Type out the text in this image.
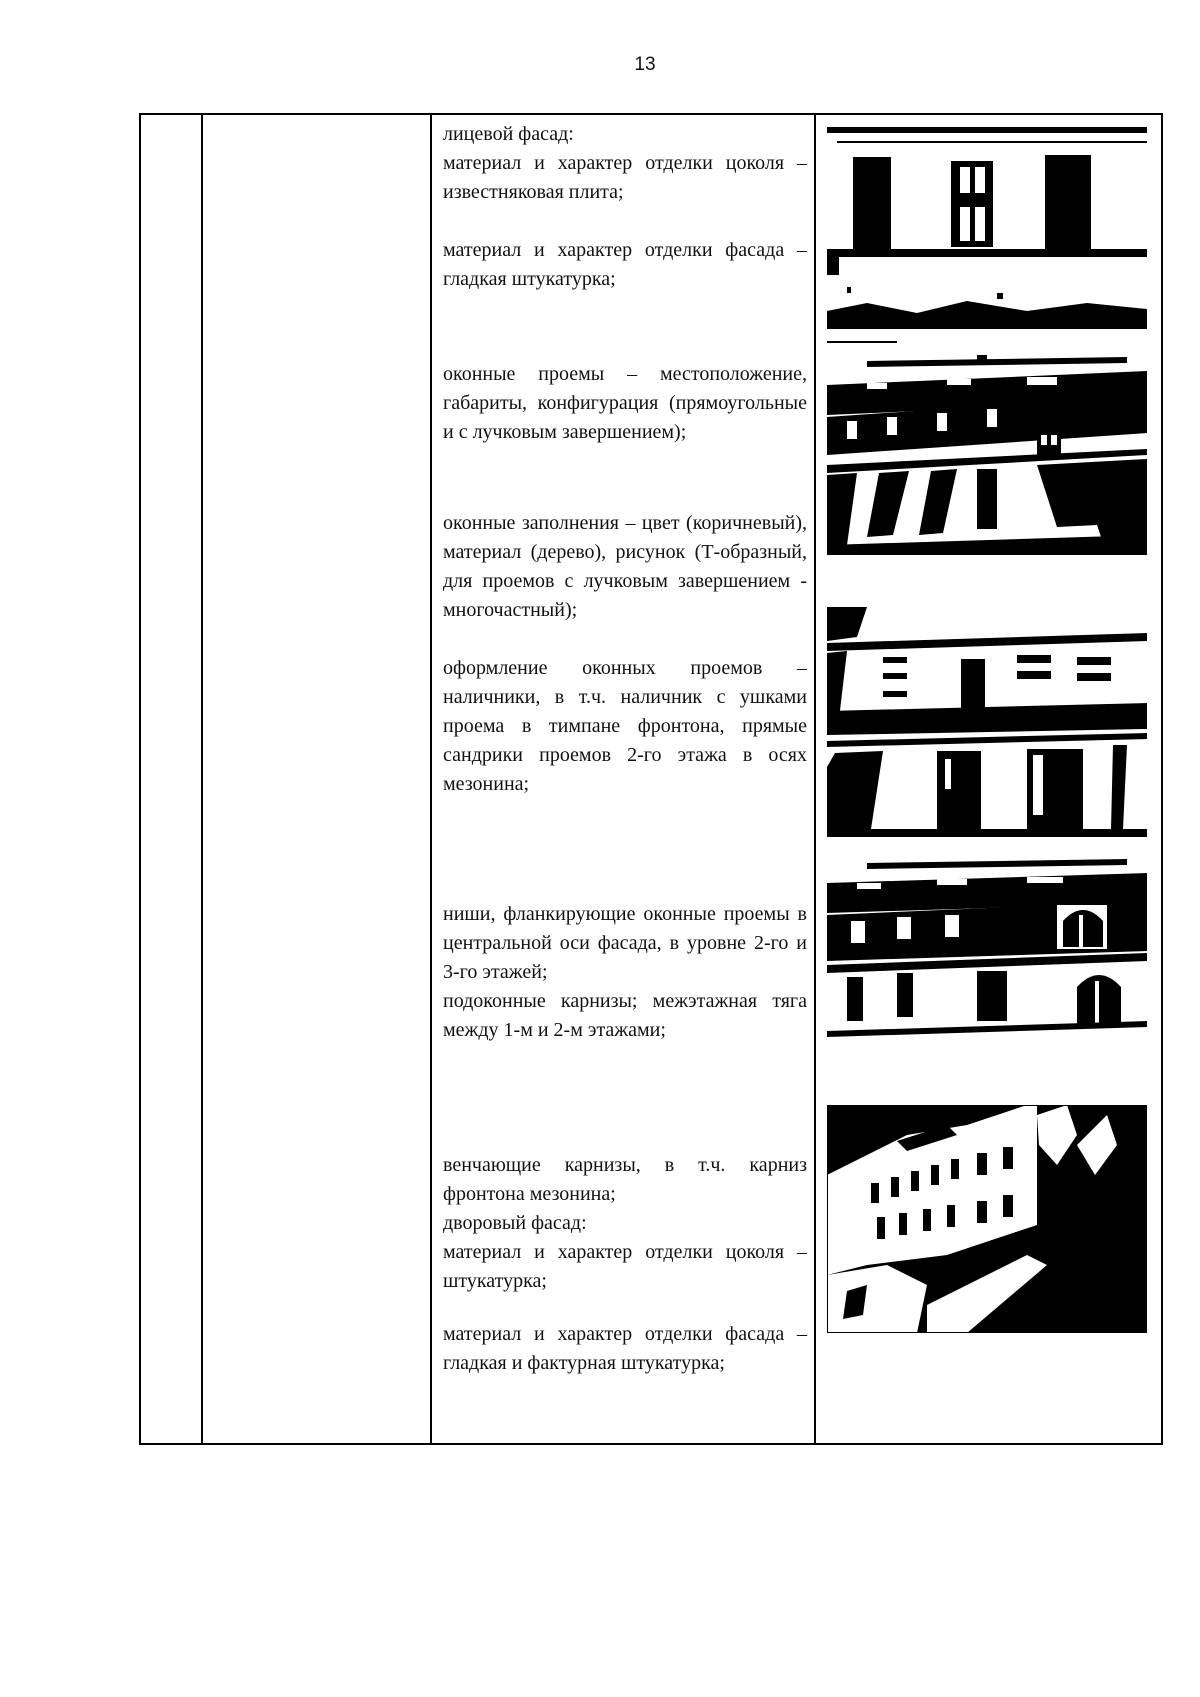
13
лицевой фасад:
материал и характер отделки цоколя – известняковая плита;
материал и характер отделки фасада – гладкая штукатурка;
оконные проемы – местоположение, габариты, конфигурация (прямоугольные и с лучковым завершением);
оконные заполнения – цвет (коричневый), материал (дерево), рисунок (Т-образный, для проемов с лучковым завершением - многочастный);
оформление оконных проемов – наличники, в т.ч. наличник с ушками проема в тимпане фронтона, прямые сандрики проемов 2-го этажа в осях мезонина;
ниши, фланкирующие оконные проемы в центральной оси фасада, в уровне 2-го и 3-го этажей;
подоконные карнизы; межэтажная тяга между 1-м и 2-м этажами;
венчающие карнизы, в т.ч. карниз фронтона мезонина;
дворовый фасад:
материал и характер отделки цоколя – штукатурка;
материал и характер отделки фасада – гладкая и фактурная штукатурка;
